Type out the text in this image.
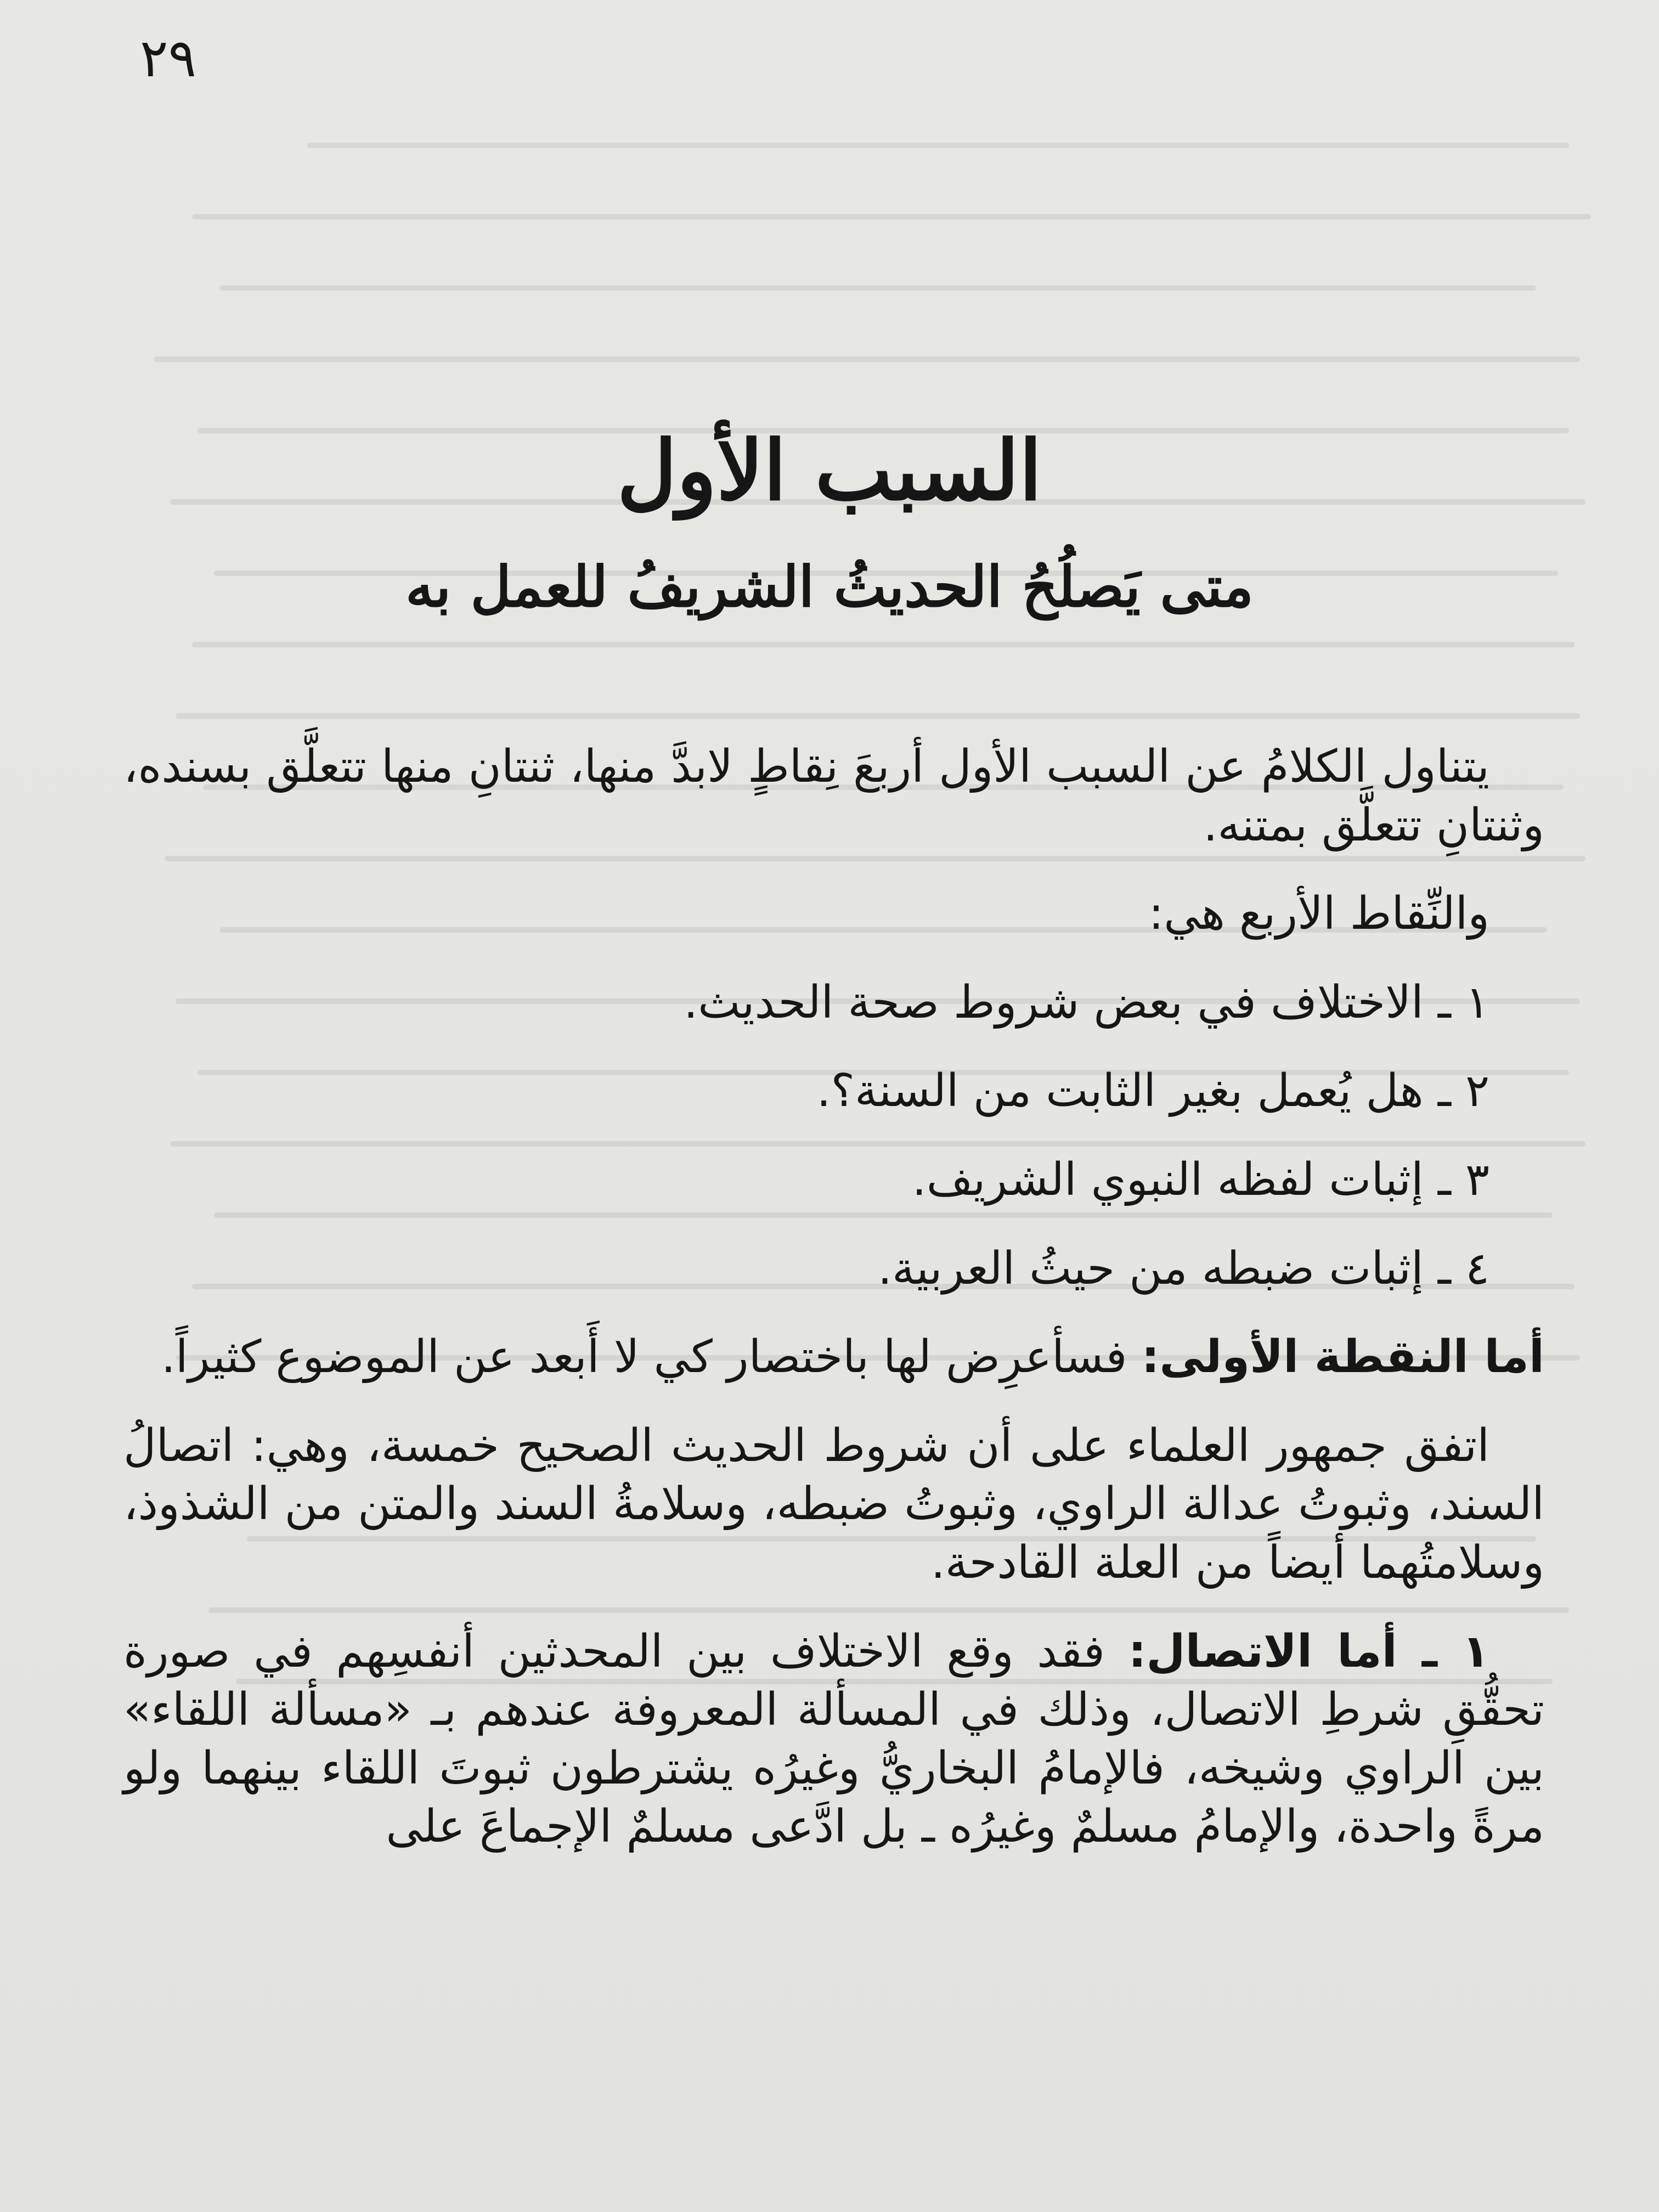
٢٩
السبب الأول
متى يَصلُحُ الحديثُ الشريفُ للعمل به

يتناول الكلامُ عن السبب الأول أربعَ نِقاطٍ لابدَّ منها، ثنتانِ منها تتعلَّق بسنده، وثنتانِ تتعلَّق بمتنه.

والنِّقاط الأربع هي:

١ ـ الاختلاف في بعض شروط صحة الحديث.

٢ ـ هل يُعمل بغير الثابت من السنة؟.

٣ ـ إثبات لفظه النبوي الشريف.

٤ ـ إثبات ضبطه من حيثُ العربية.

أما النقطة الأولى: فسأعرِض لها باختصار كي لا أَبعد عن الموضوع كثيراً.

اتفق جمهور العلماء على أن شروط الحديث الصحيح خمسة، وهي: اتصالُ السند، وثبوتُ عدالة الراوي، وثبوتُ ضبطه، وسلامةُ السند والمتن من الشذوذ، وسلامتُهما أيضاً من العلة القادحة.

١ ـ أما الاتصال: فقد وقع الاختلاف بين المحدثين أنفسِهم في صورة تحقُّقِ شرطِ الاتصال، وذلك في المسألة المعروفة عندهم بـ «مسألة اللقاء» بين الراوي وشيخه، فالإمامُ البخاريُّ وغيرُه يشترطون ثبوتَ اللقاء بينهما ولو مرةً واحدة، والإمامُ مسلمٌ وغيرُه ـ بل ادَّعى مسلمٌ الإجماعَ على
